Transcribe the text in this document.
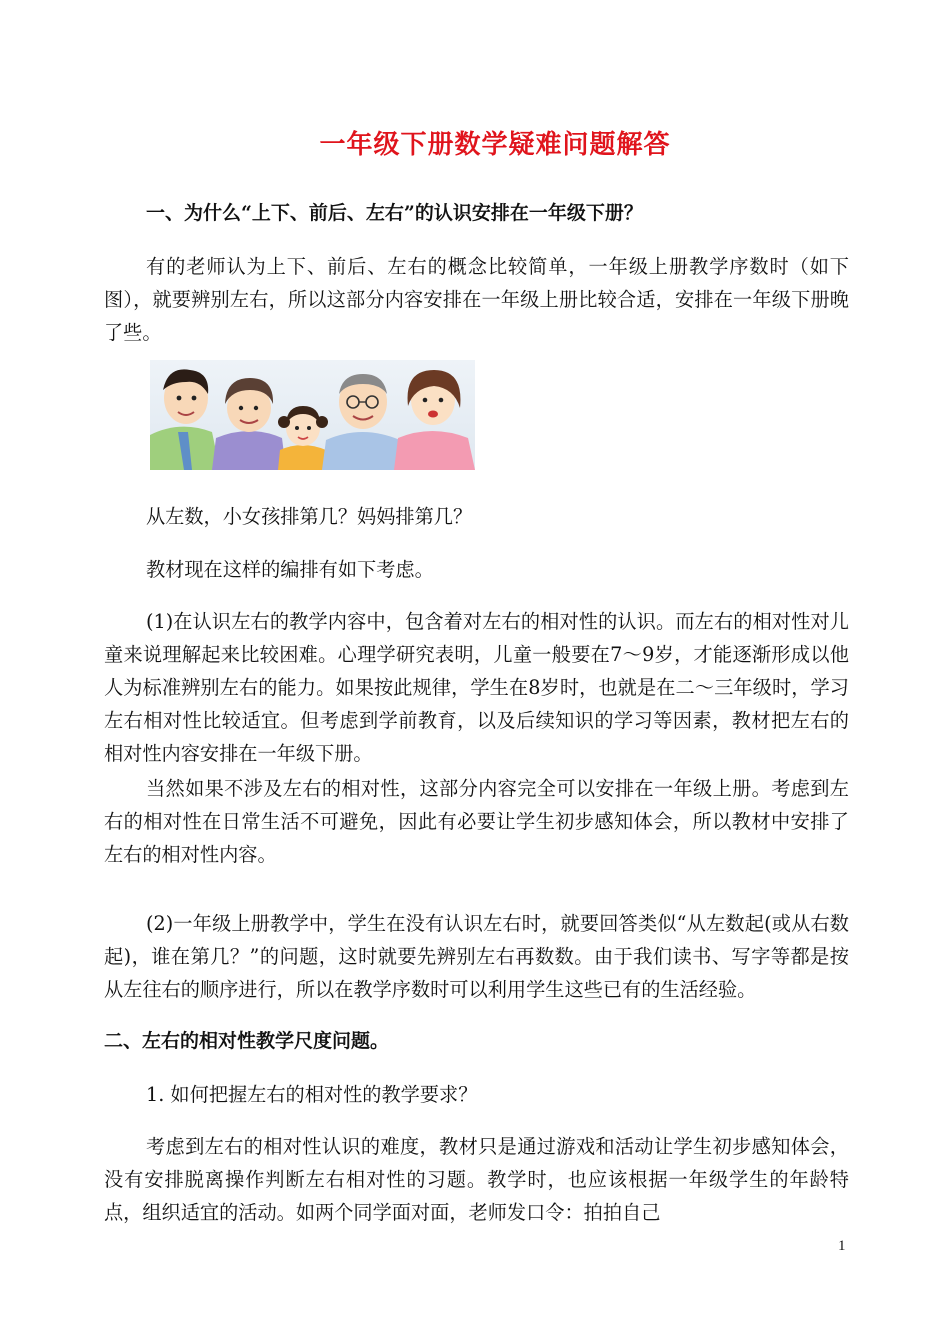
一年级下册数学疑难问题解答

一、为什么“上下、前后、左右”的认识安排在一年级下册？

有的老师认为上下、前后、左右的概念比较简单，一年级上册教学序数时（如下图），就要辨别左右，所以这部分内容安排在一年级上册比较合适，安排在一年级下册晚了些。

从左数，小女孩排第几？妈妈排第几？

教材现在这样的编排有如下考虑。

(1)在认识左右的教学内容中，包含着对左右的相对性的认识。而左右的相对性对儿童来说理解起来比较困难。心理学研究表明，儿童一般要在7～9岁，才能逐渐形成以他人为标准辨别左右的能力。如果按此规律，学生在8岁时，也就是在二～三年级时，学习左右相对性比较适宜。但考虑到学前教育，以及后续知识的学习等因素，教材把左右的相对性内容安排在一年级下册。

当然如果不涉及左右的相对性，这部分内容完全可以安排在一年级上册。考虑到左右的相对性在日常生活不可避免，因此有必要让学生初步感知体会，所以教材中安排了左右的相对性内容。

(2)一年级上册教学中，学生在没有认识左右时，就要回答类似“从左数起(或从右数起)，谁在第几？”的问题，这时就要先辨别左右再数数。由于我们读书、写字等都是按从左往右的顺序进行，所以在教学序数时可以利用学生这些已有的生活经验。

二、左右的相对性教学尺度问题。

1. 如何把握左右的相对性的教学要求？

考虑到左右的相对性认识的难度，教材只是通过游戏和活动让学生初步感知体会，没有安排脱离操作判断左右相对性的习题。教学时，也应该根据一年级学生的年龄特点，组织适宜的活动。如两个同学面对面，老师发口令：拍拍自己

1
